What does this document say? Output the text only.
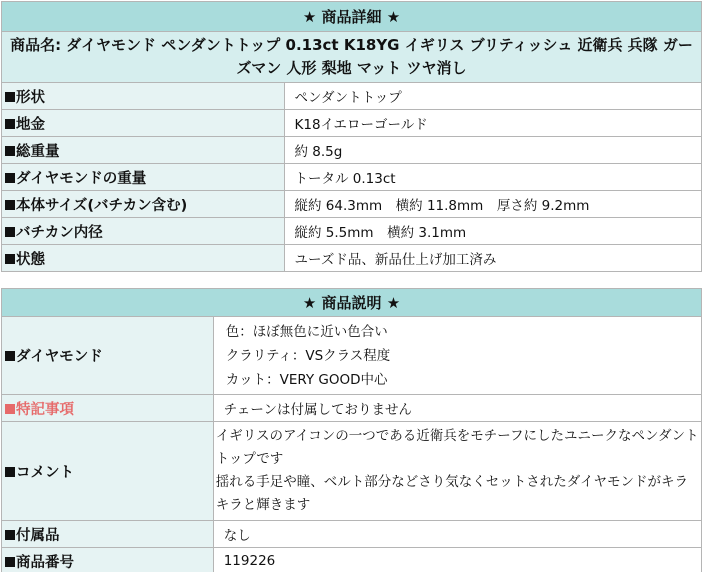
★ 商品詳細 ★	
商品名: ダイヤモンド ペンダントトップ 0.13ct K18YG イギリス ブリティッシュ 近衛兵 兵隊 ガーズマン 人形 梨地 マット ツヤ消し	
形状	ペンダントトップ
地金	K18イエローゴールド
総重量	約 8.5g
ダイヤモンドの重量	トータル 0.13ct
本体サイズ(バチカン含む)	縦約 64.3mm　横約 11.8mm　厚さ約 9.2mm
バチカン内径	縦約 5.5mm　横約 3.1mm
状態	ユーズド品、新品仕上げ加工済み
★ 商品説明 ★	
ダイヤモンド	色：ほぼ無色に近い色合い
クラリティ：VSクラス程度
カット：VERY GOOD中心

特記事項	チェーンは付属しておりません
コメント	イギリスのアイコンの一つである近衛兵をモチーフにしたユニークなペンダントトップです
揺れる手足や瞳、ベルト部分などさり気なくセットされたダイヤモンドがキラキラと輝きます

付属品	なし
商品番号	119226
